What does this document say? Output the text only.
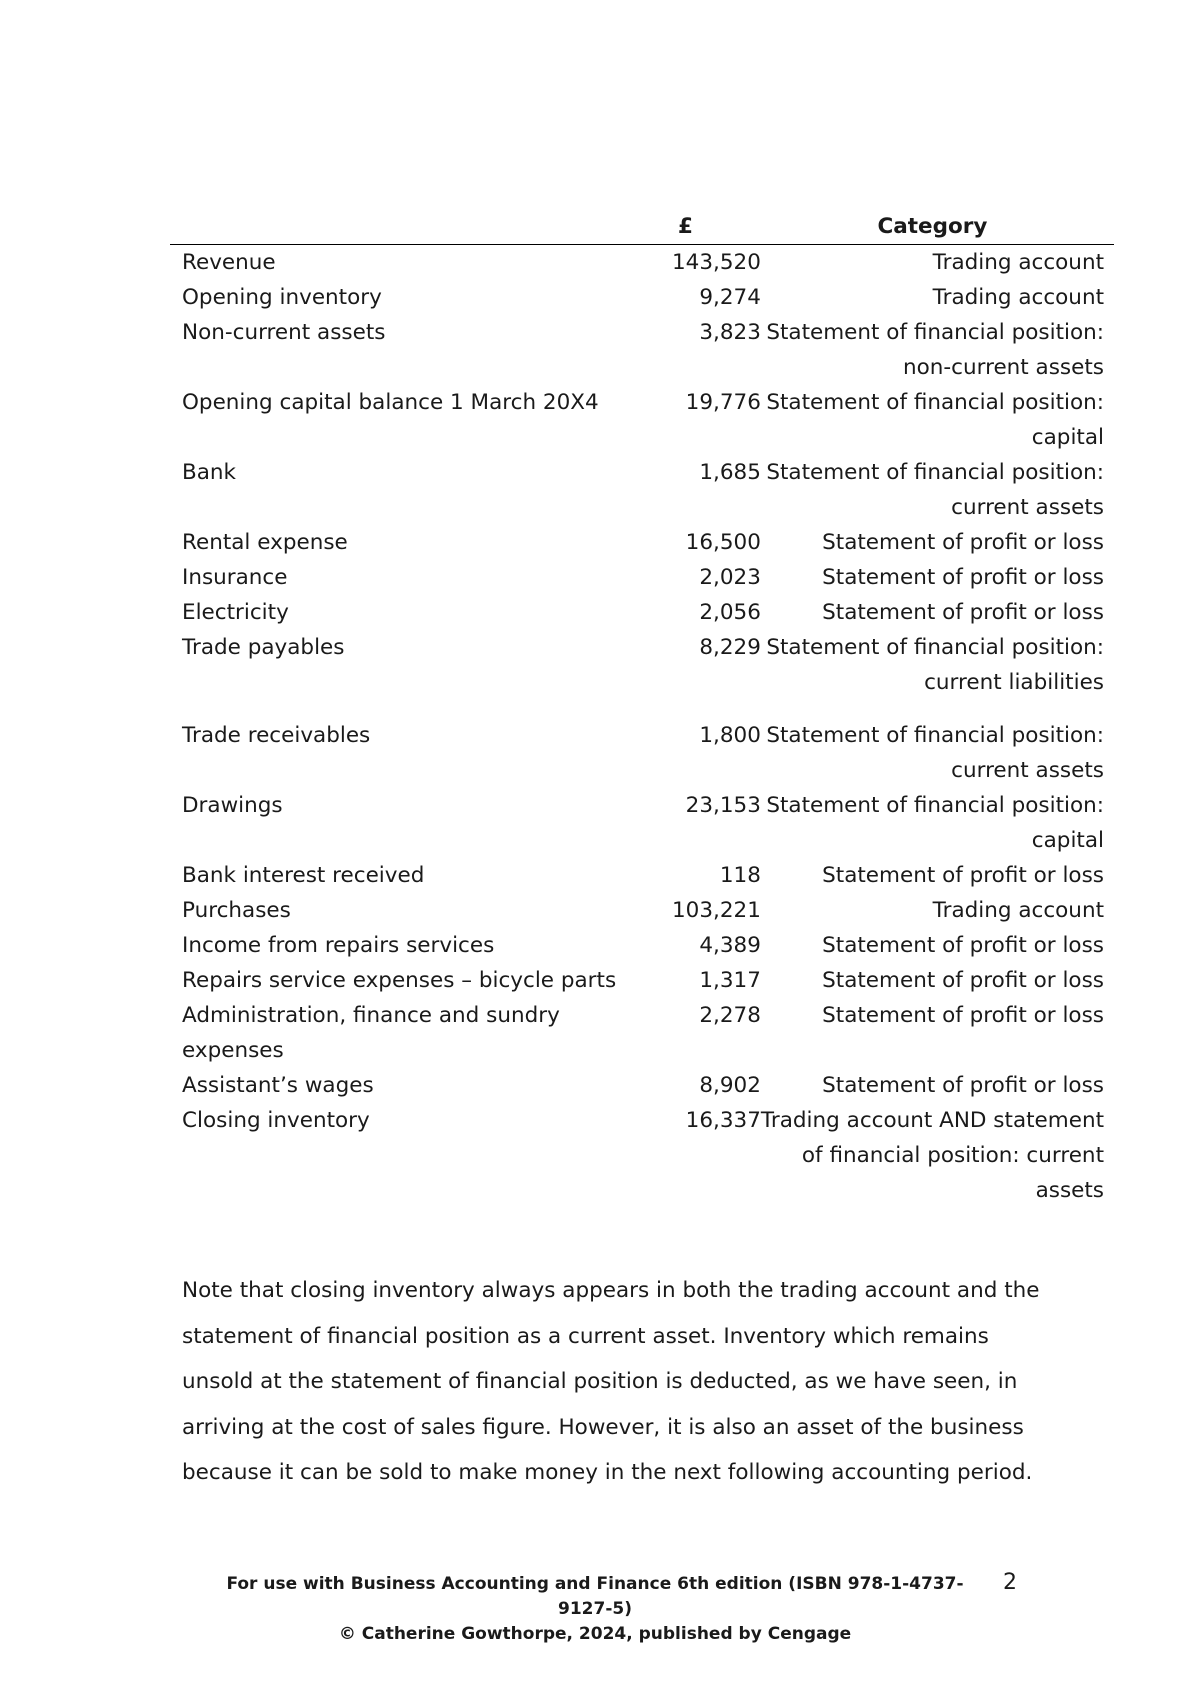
	£	Category
Revenue	143,520	Trading account
Opening inventory	9,274	Trading account
Non-current assets	3,823	Statement of financial position: non-current assets
Opening capital balance 1 March 20X4	19,776	Statement of financial position: capital
Bank	1,685	Statement of financial position: current assets
Rental expense	16,500	Statement of profit or loss
Insurance	2,023	Statement of profit or loss
Electricity	2,056	Statement of profit or loss
Trade payables	8,229	Statement of financial position: current liabilities
Trade receivables	1,800	Statement of financial position: current assets
Drawings	23,153	Statement of financial position: capital
Bank interest received	118	Statement of profit or loss
Purchases	103,221	Trading account
Income from repairs services	4,389	Statement of profit or loss
Repairs service expenses – bicycle parts	1,317	Statement of profit or loss
Administration, finance and sundry expenses	2,278	Statement of profit or loss
Assistant’s wages	8,902	Statement of profit or loss
Closing inventory	16,337	Trading account AND statement of financial position: current assets

Note that closing inventory always appears in both the trading account and the statement of financial position as a current asset. Inventory which remains unsold at the statement of financial position is deducted, as we have seen, in arriving at the cost of sales figure. However, it is also an asset of the business because it can be sold to make money in the next following accounting period.

For use with Business Accounting and Finance 6th edition (ISBN 978-1-4737-9127-5)
© Catherine Gowthorpe, 2024, published by Cengage
2
